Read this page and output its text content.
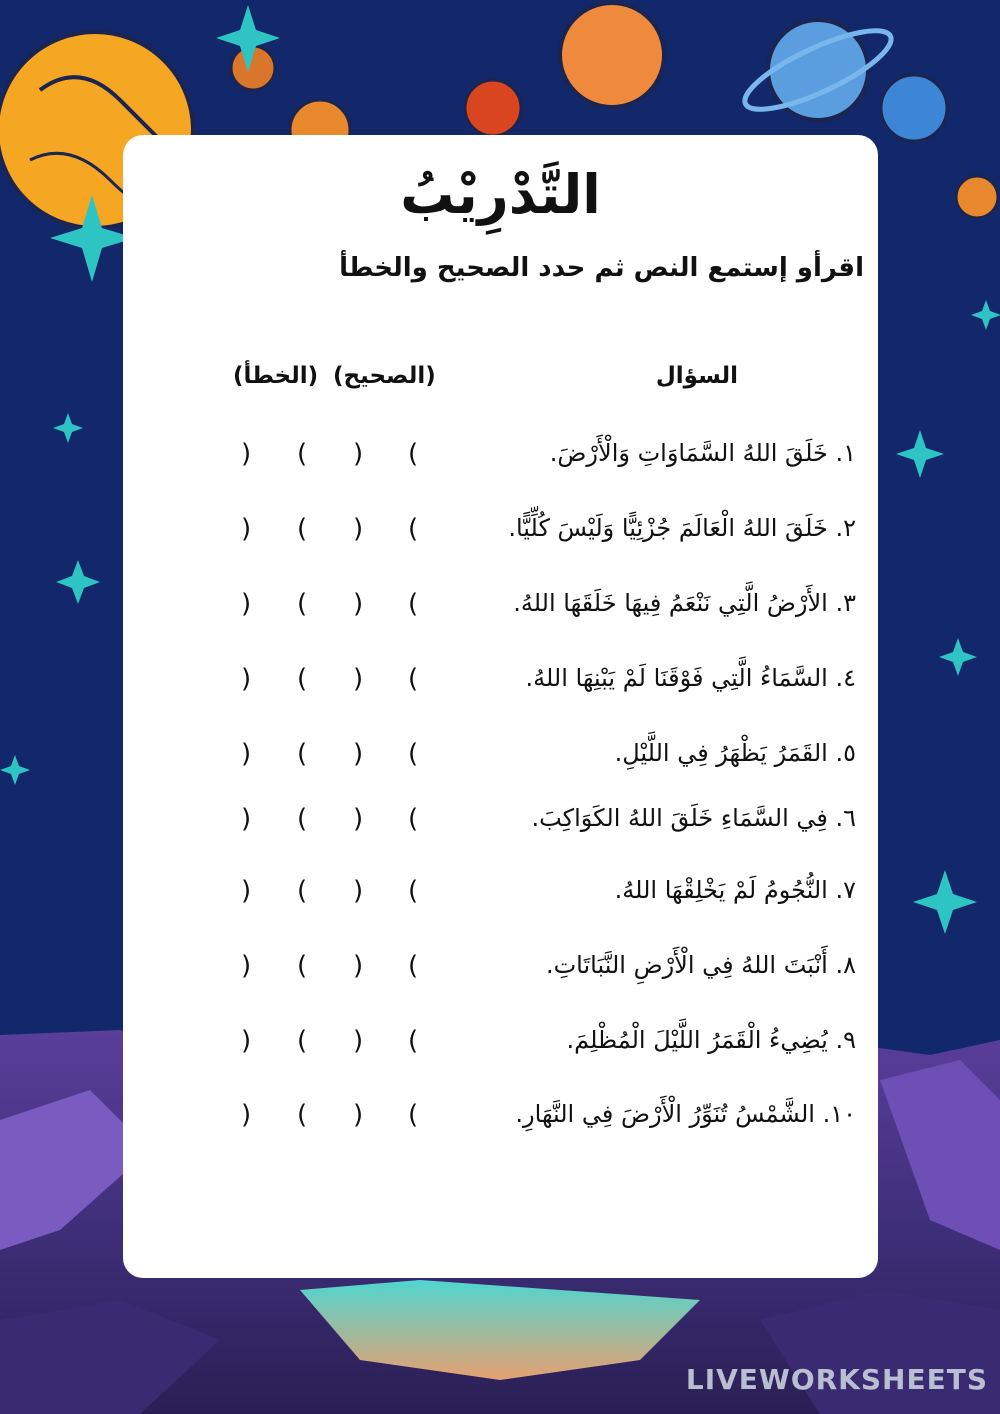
التَّدْرِيْبُ
اقرأو إستمع النص ثم حدد الصحيح والخطأ
السؤال
(الصحيح)
(الخطأ)
١. خَلَقَ اللهُ السَّمَاوَاتِ وَالْأَرْضَ.
) ( ) (
٢. خَلَقَ اللهُ الْعَالَمَ جُزْئِيًّا وَلَيْسَ كُلِّيًّا.
) ( ) (
٣. الأَرْضُ الَّتِي نَنْعَمُ فِيهَا خَلَقَهَا اللهُ.
) ( ) (
٤. السَّمَاءُ الَّتِي فَوْقَنَا لَمْ يَبْنِهَا اللهُ.
) ( ) (
٥. القَمَرُ يَظْهَرُ فِي اللَّيْلِ.
) ( ) (
٦. فِي السَّمَاءِ خَلَقَ اللهُ الكَوَاكِبَ.
) ( ) (
٧. النُّجُومُ لَمْ يَخْلِقْهَا اللهُ.
) ( ) (
٨. أَنْبَتَ اللهُ فِي الْأَرْضِ النَّبَاتَاتِ.
) ( ) (
٩. يُضِيءُ الْقَمَرُ اللَّيْلَ الْمُظْلِمَ.
) ( ) (
١٠. الشَّمْسُ تُنَوِّرُ الْأَرْضَ فِي النَّهَارِ.
) ( ) (
LIVEWORKSHEETS
